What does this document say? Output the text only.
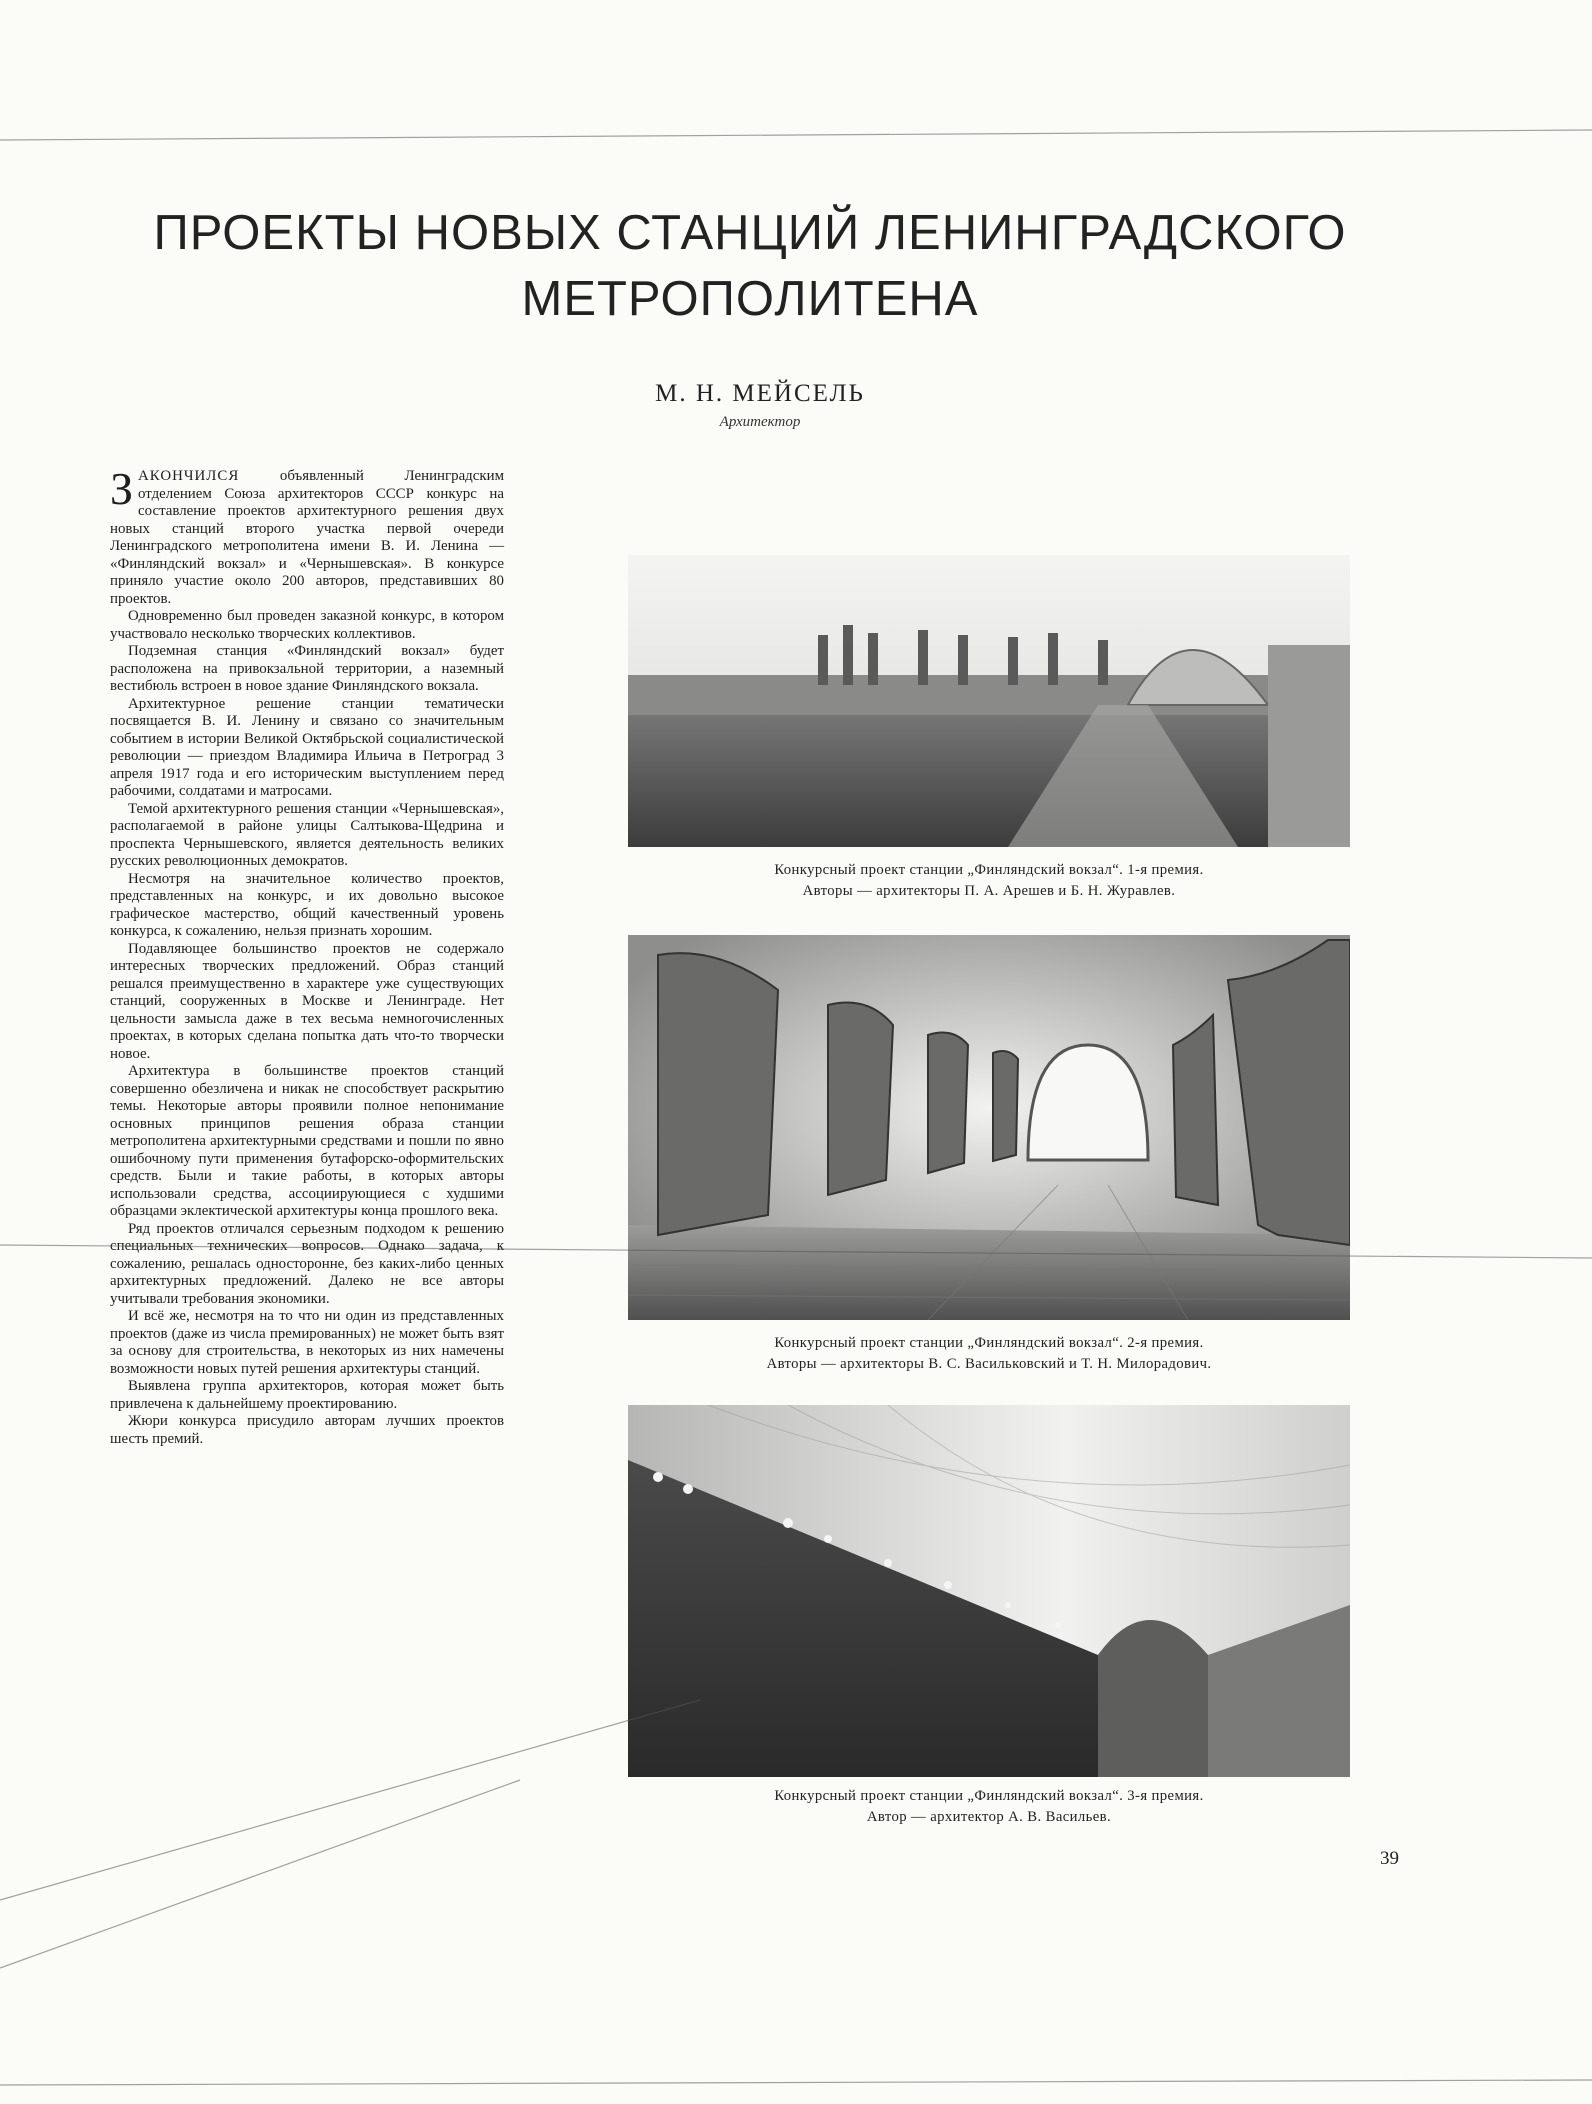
ПРОЕКТЫ НОВЫХ СТАНЦИЙ ЛЕНИНГРАДСКОГО
МЕТРОПОЛИТЕНА
М. Н. МЕЙСЕЛЬ
Архитектор

ЗАКОНЧИЛСЯ объявленный Ленинградским отделением Союза архитекторов СССР конкурс на составление проектов архитектурного решения двух новых станций второго участка первой очереди Ленинградского метрополитена имени В. И. Ленина — «Финляндский вокзал» и «Чернышевская». В конкурсе приняло участие около 200 авторов, представивших 80 проектов.

Одновременно был проведен заказной конкурс, в котором участвовало несколько творческих коллективов.

Подземная станция «Финляндский вокзал» будет расположена на привокзальной территории, а наземный вестибюль встроен в новое здание Финляндского вокзала.

Архитектурное решение станции тематически посвящается В. И. Ленину и связано со значительным событием в истории Великой Октябрьской социалистической революции — приездом Владимира Ильича в Петроград 3 апреля 1917 года и его историческим выступлением перед рабочими, солдатами и матросами.

Темой архитектурного решения станции «Чернышевская», располагаемой в районе улицы Салтыкова-Щедрина и проспекта Чернышевского, является деятельность великих русских революционных демократов.

Несмотря на значительное количество проектов, представленных на конкурс, и их довольно высокое графическое мастерство, общий качественный уровень конкурса, к сожалению, нельзя признать хорошим.

Подавляющее большинство проектов не содержало интересных творческих предложений. Образ станций решался преимущественно в характере уже существующих станций, сооруженных в Москве и Ленинграде. Нет цельности замысла даже в тех весьма немногочисленных проектах, в которых сделана попытка дать что-то творчески новое.

Архитектура в большинстве проектов станций совершенно обезличена и никак не способствует раскрытию темы. Некоторые авторы проявили полное непонимание основных принципов решения образа станции метрополитена архитектурными средствами и пошли по явно ошибочному пути применения бутафорско-оформительских средств. Были и такие работы, в которых авторы использовали средства, ассоциирующиеся с худшими образцами эклектической архитектуры конца прошлого века.

Ряд проектов отличался серьезным подходом к решению специальных технических вопросов. Однако задача, к сожалению, решалась односторонне, без каких-либо ценных архитектурных предложений. Далеко не все авторы учитывали требования экономики.

И всё же, несмотря на то что ни один из представленных проектов (даже из числа премированных) не может быть взят за основу для строительства, в некоторых из них намечены возможности новых путей решения архитектуры станций.

Выявлена группа архитекторов, которая может быть привлечена к дальнейшему проектированию.

Жюри конкурса присудило авторам лучших проектов шесть премий.

Конкурсный проект станции „Финляндский вокзал“. 1-я премия.
Авторы — архитекторы П. А. Арешев и Б. Н. Журавлев.
Конкурсный проект станции „Финляндский вокзал“. 2-я премия.
Авторы — архитекторы В. С. Васильковский и Т. Н. Милорадович.
Конкурсный проект станции „Финляндский вокзал“. 3-я премия.
Автор — архитектор А. В. Васильев.
39
